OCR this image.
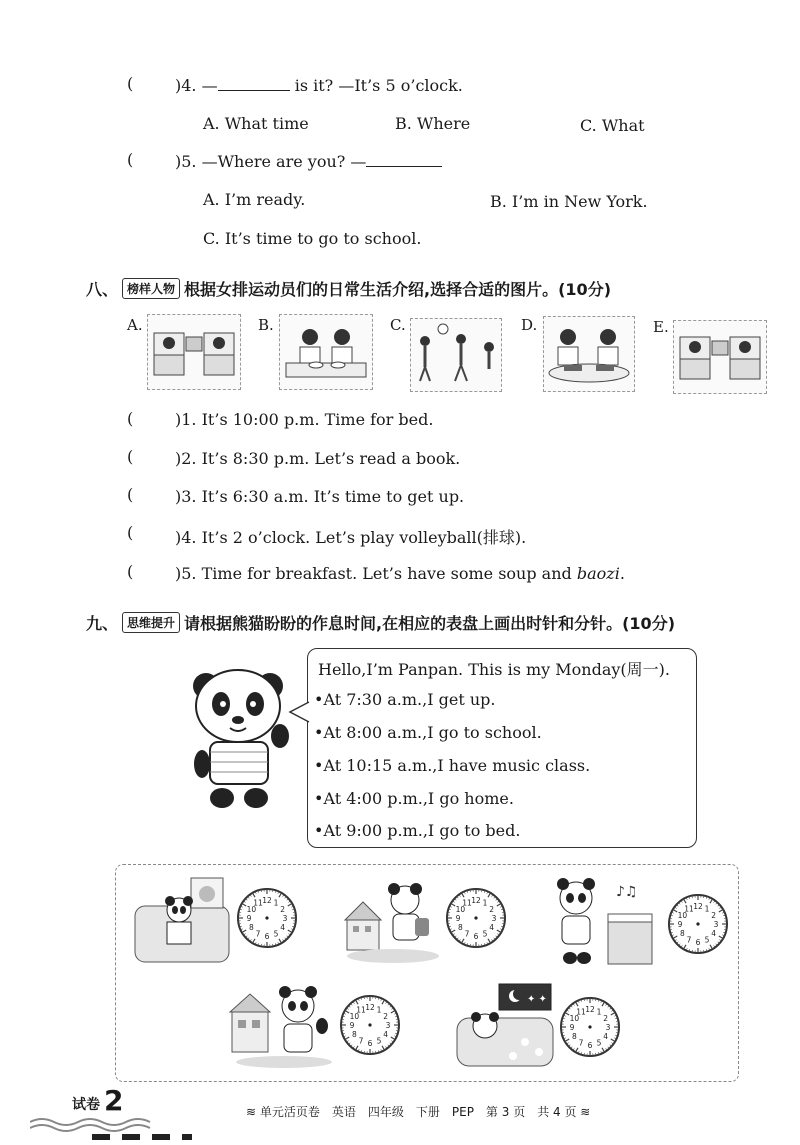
(	)4. —	is it? —It’s 5 o’clock.
A. What time	B. Where	C. What
(	)5. —Where are you? —
A. I’m ready.	B. I’m in New York.
C. It’s time to go to school.
八、 榜样人物 根据女排运动员们的日常生活介绍,选择合适的图片。(10分)
A.	B.	C.	D.	E.
(	)1. It’s 10:00 p.m. Time for bed.
(	)2. It’s 8:30 p.m. Let’s read a book.
(	)3. It’s 6:30 a.m. It’s time to get up.
(	)4. It’s 2 o’clock. Let’s play volleyball(排球).
(	)5. Time for breakfast. Let’s have some soup and baozi.
九、 思维提升 请根据熊猫盼盼的作息时间,在相应的表盘上画出时针和分针。(10分)
Hello,I’m Panpan. This is my Monday(周一).
•At 7:30 a.m.,I get up.
•At 8:00 a.m.,I go to school.
•At 10:15 a.m.,I have music class.
•At 4:00 p.m.,I go home.
•At 9:00 p.m.,I go to bed.
♪♫
✦ ✦
12 1
2
3
4
5
6
7
8
9
10
11	12 1
2
3
4
5
6
7
8
9
10
11	12 1
2
3
4
5
6
7
8
9
10
11
12 1
2
3
4
5
6
7
8
9
10
11	12 1
2
3
4
5
6
7
8
9
10
11
试卷 2	≋ 单元活页卷　英语　四年级　下册　PEP　第 3 页　共 4 页 ≋
